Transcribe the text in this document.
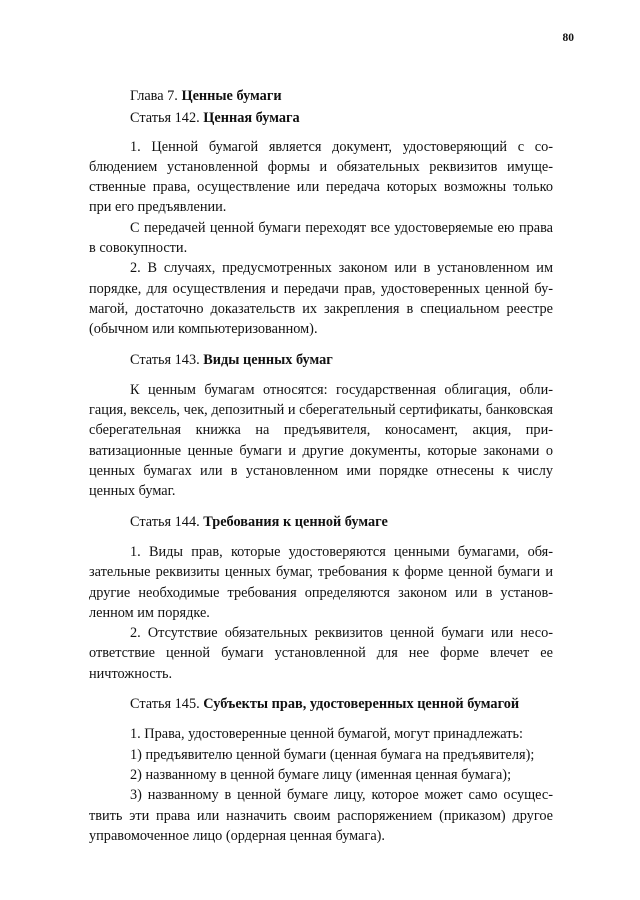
80

Глава 7. Ценные бумаги

Статья 142. Ценная бумага

1. Ценной бумагой является документ, удостоверяющий с соблюдением установленной формы и обязательных реквизитов имущественные права, осуществление или передача которых возможны только при его предъявлении.

С передачей ценной бумаги переходят все удостоверяемые ею права в совокупности.

2. В случаях, предусмотренных законом или в установленном им порядке, для осуществления и передачи прав, удостоверенных ценной бумагой, достаточно доказательств их закрепления в специальном реестре (обычном или компьютеризованном).

Статья 143. Виды ценных бумаг

К ценным бумагам относятся: государственная облигация, облигация, вексель, чек, депозитный и сберегательный сертификаты, банковская сберегательная книжка на предъявителя, коносамент, акция, приватизационные ценные бумаги и другие документы, которые законами о ценных бумагах или в установленном ими порядке отнесены к числу ценных бумаг.

Статья 144. Требования к ценной бумаге

1. Виды прав, которые удостоверяются ценными бумагами, обязательные реквизиты ценных бумаг, требования к форме ценной бумаги и другие необходимые требования определяются законом или в установленном им порядке.

2. Отсутствие обязательных реквизитов ценной бумаги или несоответствие ценной бумаги установленной для нее форме влечет ее ничтожность.

Статья 145. Субъекты прав, удостоверенных ценной бумагой

1. Права, удостоверенные ценной бумагой, могут принадлежать:

1) предъявителю ценной бумаги (ценная бумага на предъявителя);

2) названному в ценной бумаге лицу (именная ценная бумага);

3) названному в ценной бумаге лицу, которое может само осуществить эти права или назначить своим распоряжением (приказом) другое управомоченное лицо (ордерная ценная бумага).
